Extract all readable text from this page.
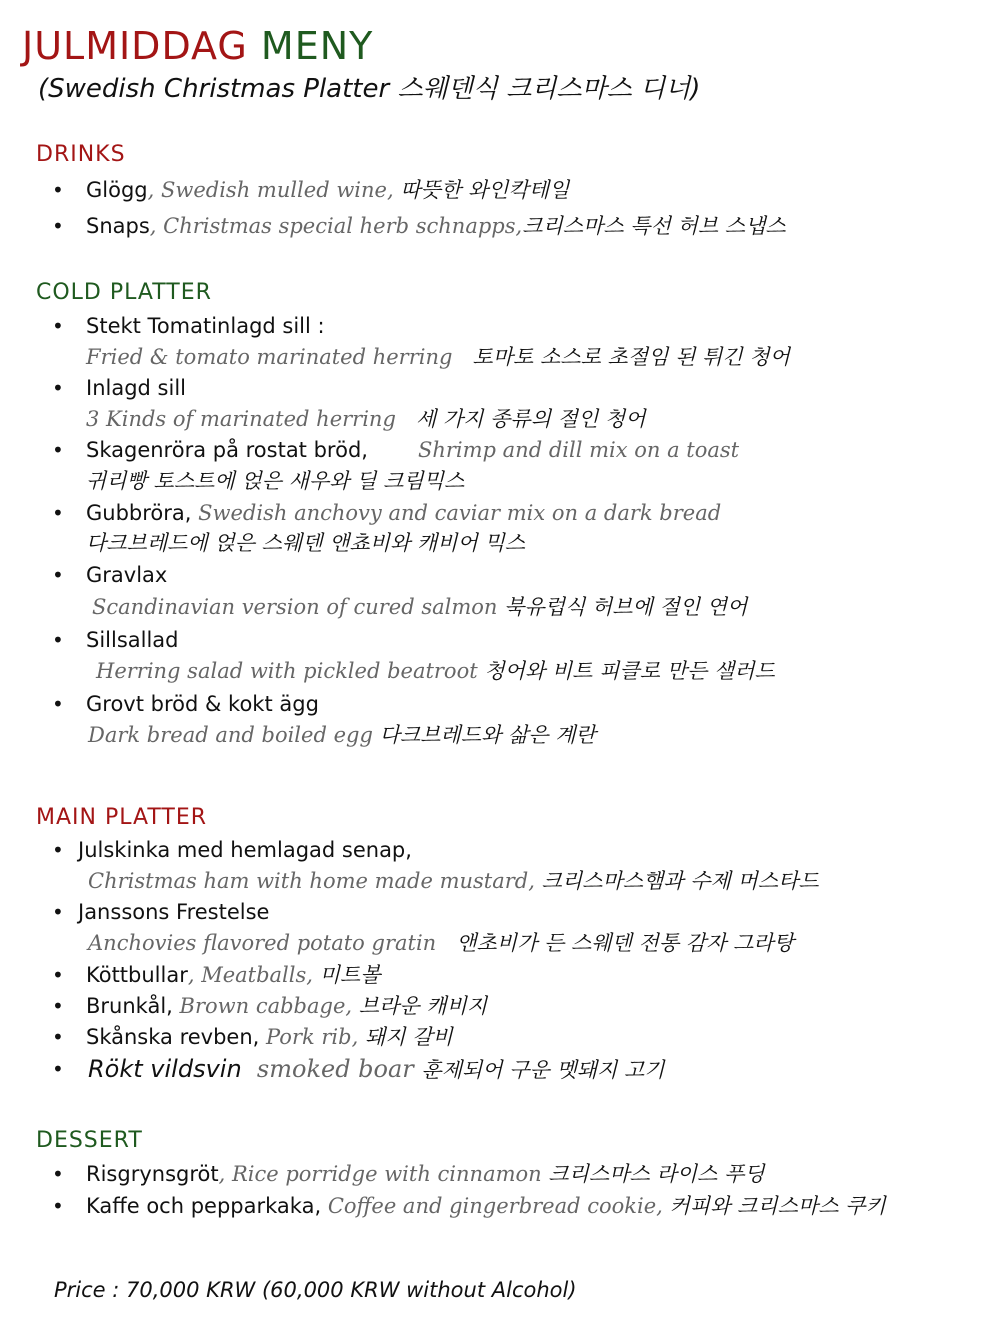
JULMIDDAG MENY
(Swedish Christmas Platter 스웨덴식 크리스마스 디너)
DRINKS
• Glögg, Swedish mulled wine, 따뜻한 와인칵테일
• Snaps, Christmas special herb schnapps,크리스마스 특선 허브 스냅스
COLD PLATTER
• Stekt Tomatinlagd sill :
Fried & tomato marinated herring 토마토 소스로 초절임 된 튀긴 청어
• Inlagd sill
3 Kinds of marinated herring 세 가지 종류의 절인 청어
• Skagenröra på rostat bröd, Shrimp and dill mix on a toast
귀리빵 토스트에 얹은 새우와 딜 크림믹스
• Gubbröra, Swedish anchovy and caviar mix on a dark bread
다크브레드에 얹은 스웨덴 앤쵸비와 캐비어 믹스
• Gravlax
Scandinavian version of cured salmon 북유럽식 허브에 절인 연어
• Sillsallad
Herring salad with pickled beatroot 청어와 비트 피클로 만든 샐러드
• Grovt bröd & kokt ägg
Dark bread and boiled egg 다크브레드와 삶은 계란
MAIN PLATTER
• Julskinka med hemlagad senap,
Christmas ham with home made mustard, 크리스마스햄과 수제 머스타드
• Janssons Frestelse
Anchovies flavored potato gratin 앤초비가 든 스웨덴 전통 감자 그라탕
• Köttbullar, Meatballs, 미트볼
• Brunkål, Brown cabbage, 브라운 캐비지
• Skånska revben, Pork rib, 돼지 갈비
• Rökt vildsvin smoked boar 훈제되어 구운 멧돼지 고기
DESSERT
• Risgrynsgröt, Rice porridge with cinnamon 크리스마스 라이스 푸딩
• Kaffe och pepparkaka, Coffee and gingerbread cookie, 커피와 크리스마스 쿠키
Price : 70,000 KRW (60,000 KRW without Alcohol)
